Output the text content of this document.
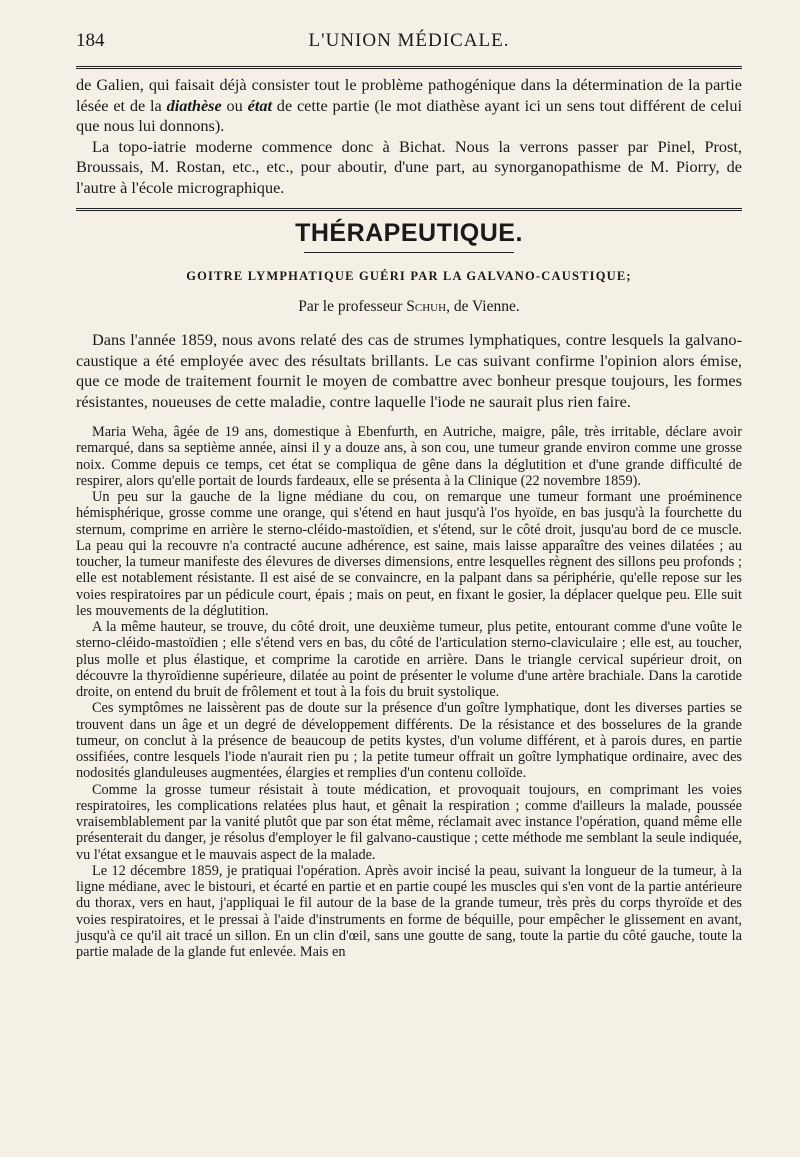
184	L'UNION MÉDICALE.

de Galien, qui faisait déjà consister tout le problème pathogénique dans la détermination de la partie lésée et de la diathèse ou état de cette partie (le mot diathèse ayant ici un sens tout différent de celui que nous lui donnons).

La topo-iatrie moderne commence donc à Bichat. Nous la verrons passer par Pinel, Prost, Broussais, M. Rostan, etc., etc., pour aboutir, d'une part, au synorganopathisme de M. Piorry, de l'autre à l'école micrographique.

THÉRAPEUTIQUE.
GOITRE LYMPHATIQUE GUÉRI PAR LA GALVANO-CAUSTIQUE;
Par le professeur Schuh, de Vienne.

Dans l'année 1859, nous avons relaté des cas de strumes lymphatiques, contre lesquels la galvano-caustique a été employée avec des résultats brillants. Le cas suivant confirme l'opinion alors émise, que ce mode de traitement fournit le moyen de combattre avec bonheur presque toujours, les formes résistantes, noueuses de cette maladie, contre laquelle l'iode ne saurait plus rien faire.

Maria Weha, âgée de 19 ans, domestique à Ebenfurth, en Autriche, maigre, pâle, très irritable, déclare avoir remarqué, dans sa septième année, ainsi il y a douze ans, à son cou, une tumeur grande environ comme une grosse noix. Comme depuis ce temps, cet état se compliqua de gêne dans la déglutition et d'une grande difficulté de respirer, alors qu'elle portait de lourds fardeaux, elle se présenta à la Clinique (22 novembre 1859).

Un peu sur la gauche de la ligne médiane du cou, on remarque une tumeur formant une proéminence hémisphérique, grosse comme une orange, qui s'étend en haut jusqu'à l'os hyoïde, en bas jusqu'à la fourchette du sternum, comprime en arrière le sterno-cléido-mastoïdien, et s'étend, sur le côté droit, jusqu'au bord de ce muscle. La peau qui la recouvre n'a contracté aucune adhérence, est saine, mais laisse apparaître des veines dilatées ; au toucher, la tumeur manifeste des élevures de diverses dimensions, entre lesquelles règnent des sillons peu profonds ; elle est notablement résistante. Il est aisé de se convaincre, en la palpant dans sa périphérie, qu'elle repose sur les voies respiratoires par un pédicule court, épais ; mais on peut, en fixant le gosier, la déplacer quelque peu. Elle suit les mouvements de la déglutition.

A la même hauteur, se trouve, du côté droit, une deuxième tumeur, plus petite, entourant comme d'une voûte le sterno-cléido-mastoïdien ; elle s'étend vers en bas, du côté de l'articulation sterno-claviculaire ; elle est, au toucher, plus molle et plus élastique, et comprime la carotide en arrière. Dans le triangle cervical supérieur droit, on découvre la thyroïdienne supérieure, dilatée au point de présenter le volume d'une artère brachiale. Dans la carotide droite, on entend du bruit de frôlement et tout à la fois du bruit systolique.

Ces symptômes ne laissèrent pas de doute sur la présence d'un goître lymphatique, dont les diverses parties se trouvent dans un âge et un degré de développement différents. De la résistance et des bosselures de la grande tumeur, on conclut à la présence de beaucoup de petits kystes, d'un volume différent, et à parois dures, en partie ossifiées, contre lesquels l'iode n'aurait rien pu ; la petite tumeur offrait un goître lymphatique ordinaire, avec des nodosités glanduleuses augmentées, élargies et remplies d'un contenu colloïde.

Comme la grosse tumeur résistait à toute médication, et provoquait toujours, en comprimant les voies respiratoires, les complications relatées plus haut, et gênait la respiration ; comme d'ailleurs la malade, poussée vraisemblablement par la vanité plutôt que par son état même, réclamait avec instance l'opération, quand même elle présenterait du danger, je résolus d'employer le fil galvano-caustique ; cette méthode me semblant la seule indiquée, vu l'état exsangue et le mauvais aspect de la malade.

Le 12 décembre 1859, je pratiquai l'opération. Après avoir incisé la peau, suivant la longueur de la tumeur, à la ligne médiane, avec le bistouri, et écarté en partie et en partie coupé les muscles qui s'en vont de la partie antérieure du thorax, vers en haut, j'appliquai le fil autour de la base de la grande tumeur, très près du corps thyroïde et des voies respiratoires, et le pressai à l'aide d'instruments en forme de béquille, pour empêcher le glissement en avant, jusqu'à ce qu'il ait tracé un sillon. En un clin d'œil, sans une goutte de sang, toute la partie du côté gauche, toute la partie malade de la glande fut enlevée. Mais en
